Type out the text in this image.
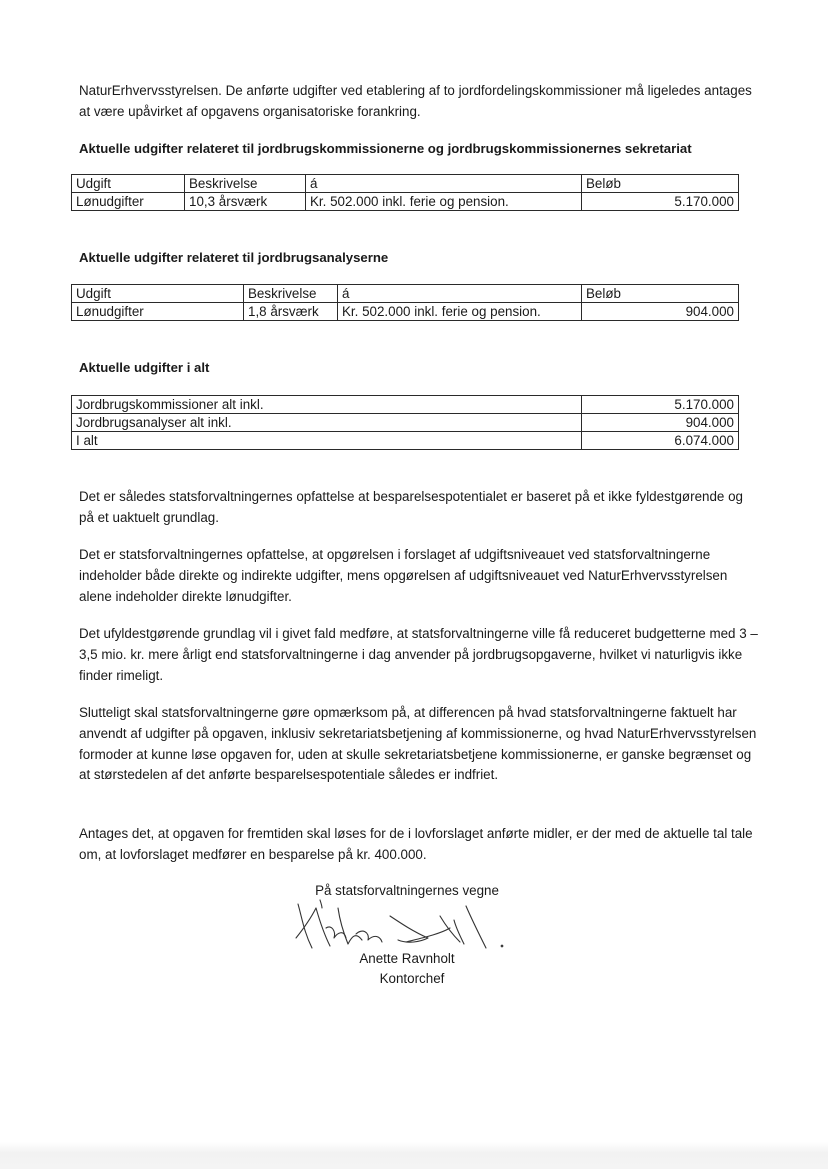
NaturErhvervsstyrelsen. De anførte udgifter ved etablering af to jordfordelingskommissioner må ligeledes antages at være upåvirket af opgavens organisatoriske forankring.

Aktuelle udgifter relateret til jordbrugskommissionerne og jordbrugskommissionernes sekretariat

Udgift	Beskrivelse	á	Beløb
Lønudgifter	10,3 årsværk	Kr. 502.000 inkl. ferie og pension.	5.170.000

Aktuelle udgifter relateret til jordbrugsanalyserne

Udgift	Beskrivelse	á	Beløb
Lønudgifter	1,8 årsværk	Kr. 502.000 inkl. ferie og pension.	904.000

Aktuelle udgifter i alt

Jordbrugskommissioner alt inkl.	5.170.000
Jordbrugsanalyser alt inkl.	904.000
I alt	6.074.000

Det er således statsforvaltningernes opfattelse at besparelsespotentialet er baseret på et ikke fyldestgørende og på et uaktuelt grundlag.

Det er statsforvaltningernes opfattelse, at opgørelsen i forslaget af udgiftsniveauet ved statsforvaltningerne indeholder både direkte og indirekte udgifter, mens opgørelsen af udgiftsniveauet ved NaturErhvervsstyrelsen alene indeholder direkte lønudgifter.

Det ufyldestgørende grundlag vil i givet fald medføre, at statsforvaltningerne ville få reduceret budgetterne med 3 – 3,5 mio. kr. mere årligt end statsforvaltningerne i dag anvender på jordbrugsopgaverne, hvilket vi naturligvis ikke finder rimeligt.

Slutteligt skal statsforvaltningerne gøre opmærksom på, at differencen på hvad statsforvaltningerne faktuelt har anvendt af udgifter på opgaven, inklusiv sekretariatsbetjening af kommissionerne, og hvad NaturErhvervsstyrelsen formoder at kunne løse opgaven for, uden at skulle sekretariatsbetjene kommissionerne, er ganske begrænset og at størstedelen af det anførte besparelsespotentiale således er indfriet.

Antages det, at opgaven for fremtiden skal løses for de i lovforslaget anførte midler, er der med de aktuelle tal tale om, at lovforslaget medfører en besparelse på kr. 400.000.

På statsforvaltningernes vegne
Anette Ravnholt
Kontorchef
